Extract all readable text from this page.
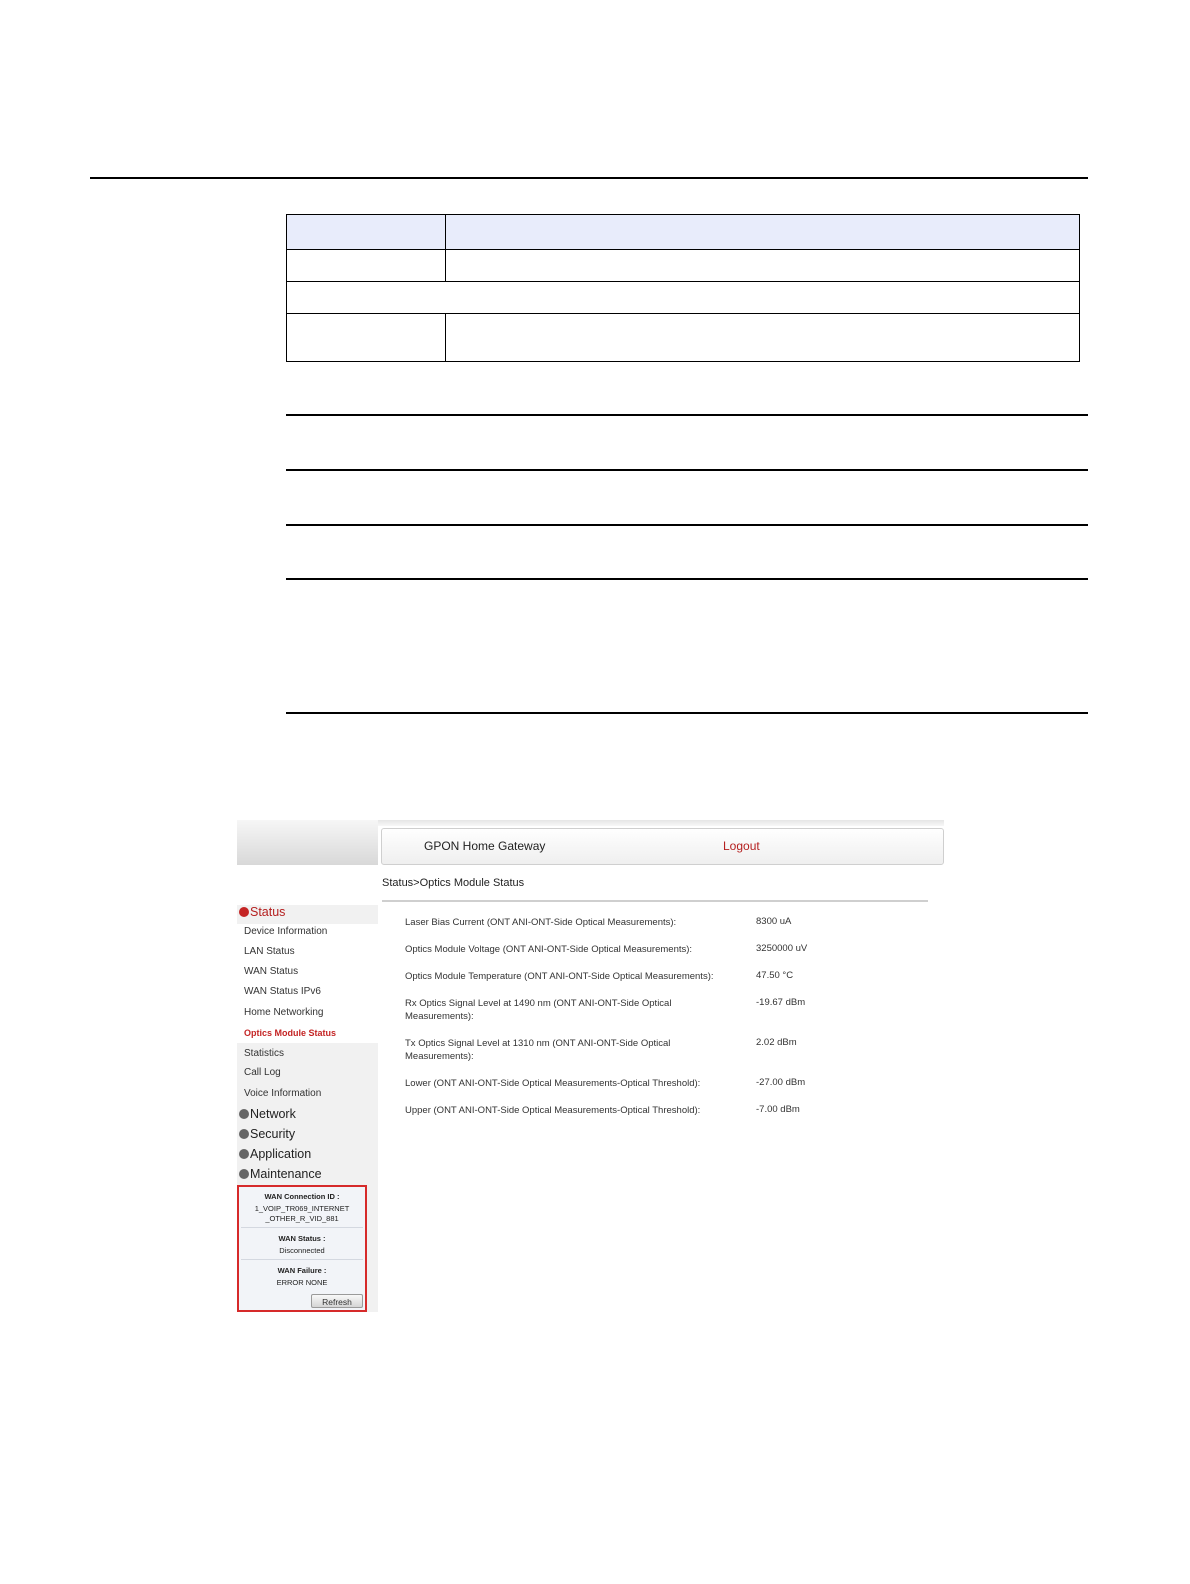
Status
Device Information
LAN Status
WAN Status
WAN Status IPv6
Home Networking
Optics Module Status
Statistics
Call Log
Voice Information
Network
Security
Application
Maintenance
WAN Connection ID :
1_VOIP_TR069_INTERNET
_OTHER_R_VID_881
WAN Status :
Disconnected
WAN Failure :
ERROR NONE
Refresh
GPON Home Gateway	Logout
Status>Optics Module Status
Laser Bias Current (ONT ANI-ONT-Side Optical Measurements):	8300 uA
Optics Module Voltage (ONT ANI-ONT-Side Optical Measurements):	3250000 uV
Optics Module Temperature (ONT ANI-ONT-Side Optical Measurements):	47.50 °C
Rx Optics Signal Level at 1490 nm (ONT ANI-ONT-Side Optical
Measurements):
-19.67 dBm
Tx Optics Signal Level at 1310 nm (ONT ANI-ONT-Side Optical
Measurements):
2.02 dBm
Lower (ONT ANI-ONT-Side Optical Measurements-Optical Threshold):	-27.00 dBm
Upper (ONT ANI-ONT-Side Optical Measurements-Optical Threshold):	-7.00 dBm
